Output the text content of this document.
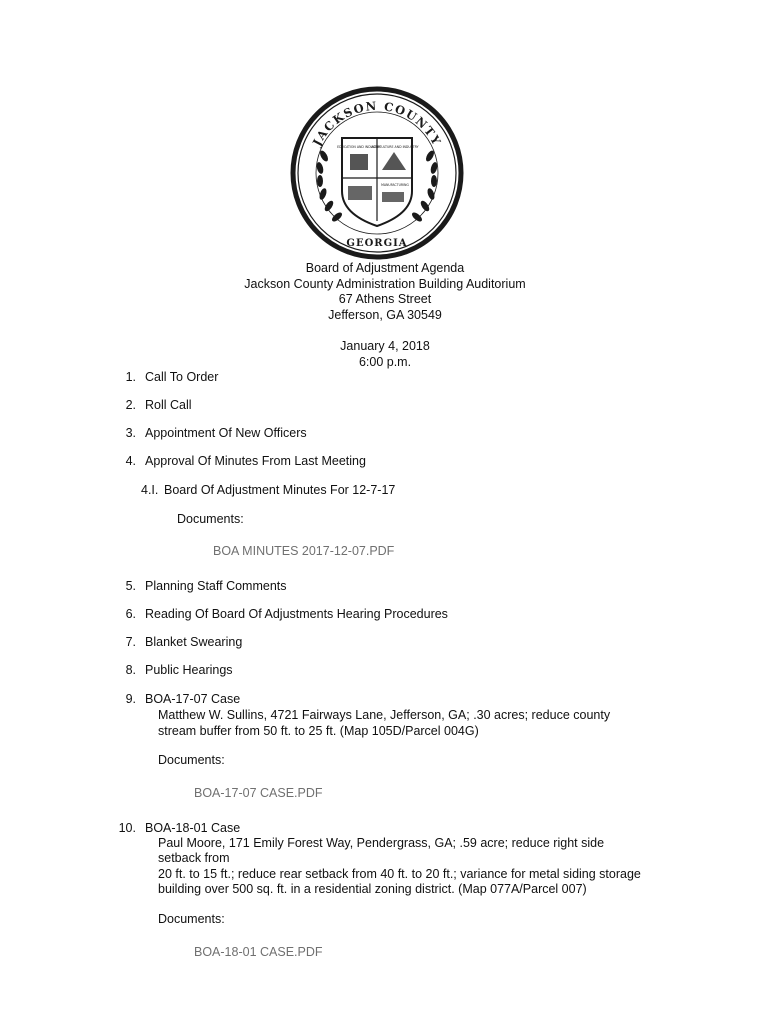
JACKSON COUNTY
GEORGIA
EDUCATION AND INDUSTRY
AGRICULTURE AND INDUSTRY
MANUFACTURING
Board of Adjustment Agenda
Jackson County Administration Building Auditorium
67 Athens Street
Jefferson, GA 30549
January 4, 2018
6:00 p.m.
1. Call To Order
2. Roll Call
3. Appointment Of New Officers
4. Approval Of Minutes From Last Meeting
4.I. Board Of Adjustment Minutes For 12-7-17
Documents:
BOA MINUTES 2017-12-07.PDF
5. Planning Staff Comments
6. Reading Of Board Of Adjustments Hearing Procedures
7. Blanket Swearing
8. Public Hearings
9. BOA-17-07 Case
Matthew W. Sullins, 4721 Fairways Lane, Jefferson, GA; .30 acres; reduce county
stream buffer from 50 ft. to 25 ft. (Map 105D/Parcel 004G)
Documents:
BOA-17-07 CASE.PDF
10. BOA-18-01 Case
Paul Moore, 171 Emily Forest Way, Pendergrass, GA; .59 acre; reduce right side
setback from
20 ft. to 15 ft.; reduce rear setback from 40 ft. to 20 ft.; variance for metal siding storage
building over 500 sq. ft. in a residential zoning district. (Map 077A/Parcel 007)
Documents:
BOA-18-01 CASE.PDF
